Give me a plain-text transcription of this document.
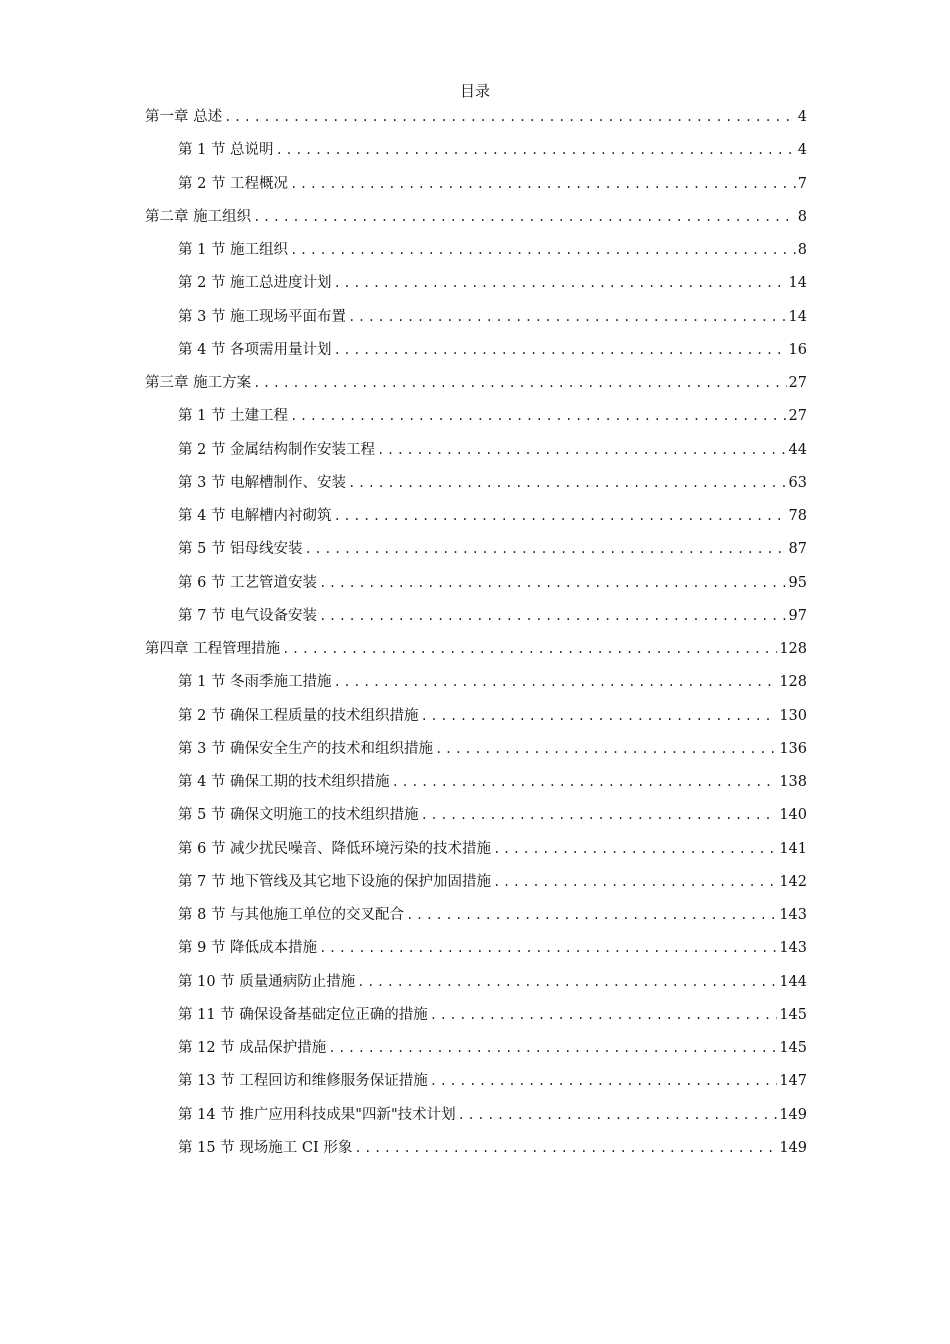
目录
第一章 总述 .....	4
第 1 节 总说明 .....	4
第 2 节 工程概况 .....	7
第二章 施工组织 .....	8
第 1 节 施工组织 .....	8
第 2 节 施工总进度计划 .....	14
第 3 节 施工现场平面布置 .....	14
第 4 节 各项需用量计划 .....	16
第三章 施工方案 .....	27
第 1 节 土建工程 .....	27
第 2 节 金属结构制作安装工程 .....	44
第 3 节 电解槽制作、安装 .....	63
第 4 节 电解槽内衬砌筑 .....	78
第 5 节 铝母线安装 .....	87
第 6 节 工艺管道安装 .....	95
第 7 节 电气设备安装 .....	97
第四章 工程管理措施 .....	128
第 1 节 冬雨季施工措施 .....	128
第 2 节 确保工程质量的技术组织措施 .....	130
第 3 节 确保安全生产的技术和组织措施 .....	136
第 4 节 确保工期的技术组织措施 .....	138
第 5 节 确保文明施工的技术组织措施 .....	140
第 6 节 减少扰民噪音、降低环境污染的技术措施 .....	141
第 7 节 地下管线及其它地下设施的保护加固措施 .....	142
第 8 节 与其他施工单位的交叉配合 .....	143
第 9 节 降低成本措施 .....	143
第 10 节 质量通病防止措施 .....	144
第 11 节 确保设备基础定位正确的措施 .....	145
第 12 节 成品保护措施 .....	145
第 13 节 工程回访和维修服务保证措施 .....	147
第 14 节 推广应用科技成果"四新"技术计划 .....	149
第 15 节 现场施工 CI 形象 .....	149
